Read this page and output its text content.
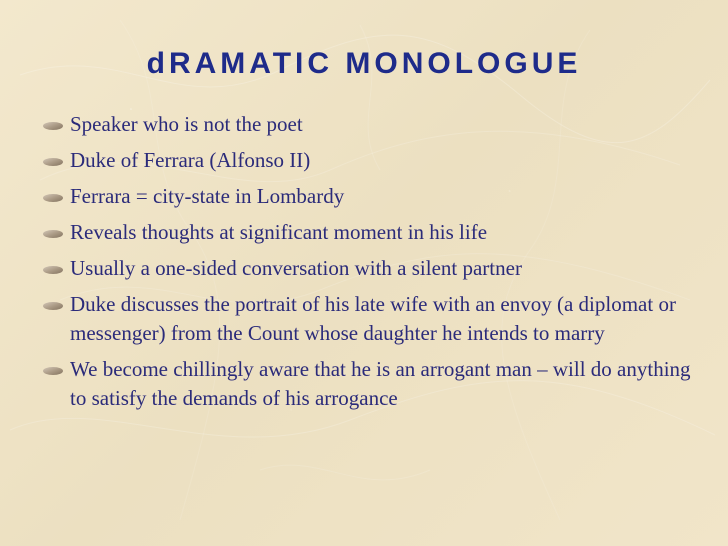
dRAMATIC MONOLOGUE
Speaker who is not the poet
Duke of Ferrara (Alfonso II)
Ferrara = city-state in Lombardy
Reveals thoughts at significant moment in his life
Usually a one-sided conversation with a silent partner
Duke discusses the portrait of his late wife with an envoy (a diplomat or messenger) from the Count whose daughter he intends to marry
We become chillingly aware that he is an arrogant man – will do anything to satisfy the demands of his arrogance
